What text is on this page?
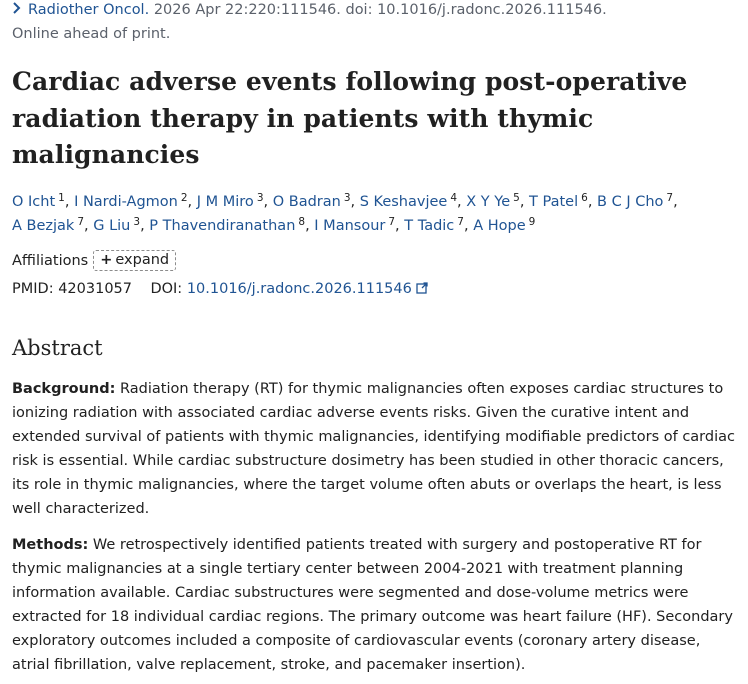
Radiother Oncol. 2026 Apr 22:220:111546. doi: 10.1016/j.radonc.2026.111546.
Online ahead of print.
Cardiac adverse events following post-operative radiation therapy in patients with thymic malignancies
O Icht $^1$, I Nardi-Agmon $^2$, J M Miro $^3$, O Badran $^3$, S Keshavjee $^4$, X Y Ye $^5$, T Patel $^6$, B C J Cho $^7$, A Bezjak $^7$, G Liu $^3$, P Thavendiranathan $^8$, I Mansour $^7$, T Tadic $^7$, A Hope $^9$
Affiliations + expand
PMID: 42031057 DOI: 10.1016/j.radonc.2026.111546
Abstract

Background: Radiation therapy (RT) for thymic malignancies often exposes cardiac structures to ionizing radiation with associated cardiac adverse events risks. Given the curative intent and extended survival of patients with thymic malignancies, identifying modifiable predictors of cardiac risk is essential. While cardiac substructure dosimetry has been studied in other thoracic cancers, its role in thymic malignancies, where the target volume often abuts or overlaps the heart, is less well characterized.

Methods: We retrospectively identified patients treated with surgery and postoperative RT for thymic malignancies at a single tertiary center between 2004-2021 with treatment planning information available. Cardiac substructures were segmented and dose-volume metrics were extracted for 18 individual cardiac regions. The primary outcome was heart failure (HF). Secondary exploratory outcomes included a composite of cardiovascular events (coronary artery disease, atrial fibrillation, valve replacement, stroke, and pacemaker insertion).
